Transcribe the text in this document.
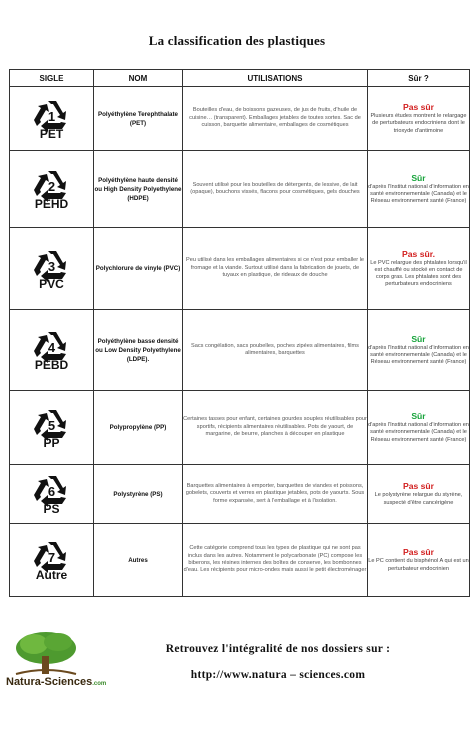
La classification des plastiques
SIGLE	NOM	UTILISATIONS	Sûr ?

1
PET	Polyéthylène Terephthalate (PET)	Bouteilles d'eau, de boissons gazeuses, de jus de fruits, d'huile de cuisine… (transparent). Emballages jetables de toutes sortes. Sac de cuisson, barquette alimentaire, emballages de cosmétiques	Pas sûr
Plusieurs études montrent le relargage de perturbateurs endocriniens dont le trioxyde d'antimoine

2
PEHD	Polyéthylène haute densité ou High Density Polyethylene (HDPE)	Souvent utilisé pour les bouteilles de détergents, de lessive, de lait (opaque), bouchons vissés, flacons pour cosmétiques, gels douches	Sûr
d'après l'Institut national d'information en santé environnementale (Canada) et le Réseau environnement santé (France)

3
PVC	Polychlorure de vinyle (PVC)	Peu utilisé dans les emballages alimentaires si ce n'est pour emballer le fromage et la viande. Surtout utilisé dans la fabrication de jouets, de tuyaux en plastique, de rideaux de douche	Pas sûr.
Le PVC relargue des phtalates lorsqu'il est chauffé ou stocké en contact de corps gras. Les phtalates sont des perturbateurs endocriniens

4
PEBD	Polyéthylène basse densité ou Low Density Polyethylene (LDPE).	Sacs congélation, sacs poubelles, poches zipées alimentaires, films alimentaires, barquettes	Sûr
d'après l'Institut national d'information en santé environnementale (Canada) et le Réseau environnement santé (France)

5
PP	Polypropylène (PP)	Certaines tasses pour enfant, certaines gourdes souples réutilisables pour sportifs, récipients alimentaires réutilisables. Pots de yaourt, de margarine, de beurre, planches à découper en plastique	Sûr
d'après l'Institut national d'information en santé environnementale (Canada) et le Réseau environnement santé (France)

6
PS	Polystyrène (PS)	Barquettes alimentaires à emporter, barquettes de viandes et poissons, gobelets, couverts et verres en plastique jetables, pots de yaourts. Sous forme expansée, sert à l'emballage et à l'isolation.	Pas sûr
Le polystyrène relargue du styrène, suspecté d'être cancérigène

7
Autre	Autres	Cette catégorie comprend tous les types de plastique qui ne sont pas inclus dans les autres. Notamment le polycarbonate (PC) compose les biberons, les résines internes des boîtes de conserve, les bombonnes d'eau. Les récipients pour micro-ondes mais aussi le petit électroménager	Pas sûr
Le PC contient du bisphénol A qui est un perturbateur endocrinien
Natura-Sciences.com
Retrouvez l'intégralité de nos dossiers sur :
http://www.natura – sciences.com
